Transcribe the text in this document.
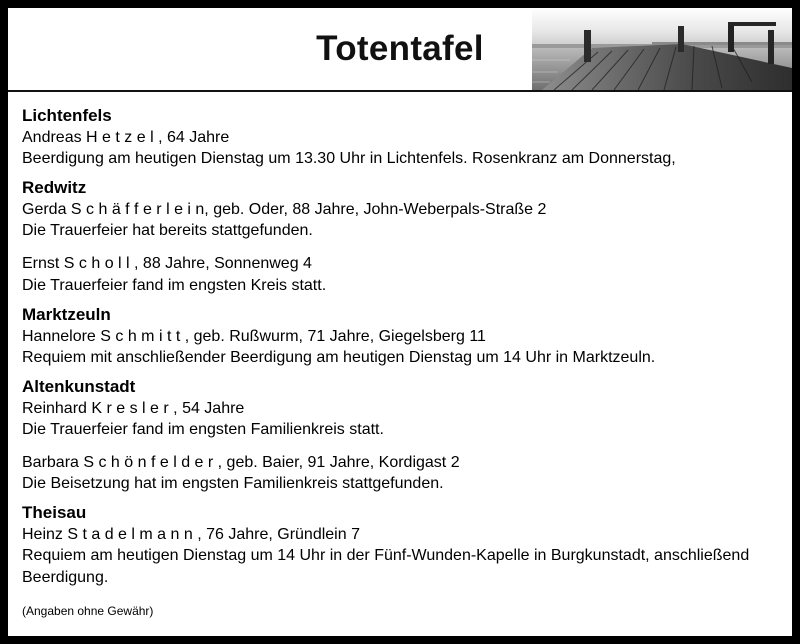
Totentafel
Lichtenfels
Andreas H e t z e l , 64 Jahre
Beerdigung am heutigen Dienstag um 13.30 Uhr in Lichtenfels. Rosenkranz am Donnerstag,
Redwitz
Gerda S c h ä f f e r l e i n, geb. Oder, 88 Jahre, John-Weberpals-Straße 2
Die Trauerfeier hat bereits stattgefunden.
Ernst S c h o l l , 88 Jahre, Sonnenweg 4
Die Trauerfeier fand im engsten Kreis statt.
Marktzeuln
Hannelore S c h m i t t , geb. Rußwurm, 71 Jahre, Giegelsberg 11
Requiem mit anschließender Beerdigung am heutigen Dienstag um 14 Uhr in Marktzeuln.
Altenkunstadt
Reinhard K r e s l e r , 54 Jahre
Die Trauerfeier fand im engsten Familienkreis statt.
Barbara S c h ö n f e l d e r , geb. Baier, 91 Jahre, Kordigast 2
Die Beisetzung hat im engsten Familienkreis stattgefunden.
Theisau
Heinz S t a d e l m a n n , 76 Jahre, Gründlein 7
Requiem am heutigen Dienstag um 14 Uhr in der Fünf-Wunden-Kapelle in Burgkunstadt, anschließend Beerdigung.
(Angaben ohne Gewähr)
